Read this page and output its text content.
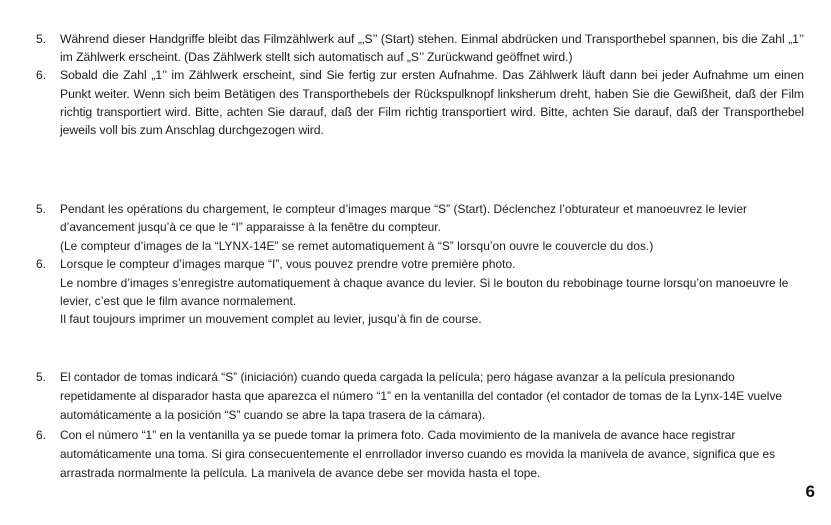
5.	Während dieser Handgriffe bleibt das Filmzählwerk auf „‚S’’ (Start) stehen. Einmal abdrücken und Transporthebel spannen, bis die Zahl „1’’ im Zählwerk erscheint. (Das Zählwerk stellt sich automatisch auf „S’’ Zurückwand geöffnet wird.)

6.	Sobald die Zahl „1’’ im Zählwerk erscheint, sind Sie fertig zur ersten Aufnahme. Das Zählwerk läuft dann bei jeder Aufnahme um einen Punkt weiter. Wenn sich beim Betätigen des Transporthebels der Rückspulknopf linksherum dreht, haben Sie die Gewißheit, daß der Film richtig transportiert wird. Bitte, achten Sie darauf, daß der Film richtig transportiert wird. Bitte, achten Sie darauf, daß der Transporthebel jeweils voll bis zum Anschlag durchgezogen wird.

5.	Pendant les opérations du chargement, le compteur d’images marque “S” (Start). Déclenchez l’obturateur et manoeuvrez le levier d’avancement jusqu’à ce que le “I” apparaisse à la fenêtre du compteur.

(Le compteur d’images de la “LYNX-14E” se remet automatiquement à “S” lorsqu’on ouvre le couvercle du dos.)

6.	Lorsque le compteur d’images marque “I”, vous pouvez prendre votre première photo.

Le nombre d’images s’enregistre automatiquement à chaque avance du levier. Si le bouton du rebobinage tourne lorsqu’on manoeuvre le levier, c’est que le film avance normalement.

Il faut toujours imprimer un mouvement complet au levier, jusqu’à fin de course.

5.	El contador de tomas indicará “S” (iniciación) cuando queda cargada la película; pero hágase avanzar a la película presionando repetidamente al disparador hasta que aparezca el número “1” en la ventanilla del contador (el contador de tomas de la Lynx-14E vuelve automáticamente a la posición “S” cuando se abre la tapa trasera de la cámara).

6.	Con el número “1” en la ventanilla ya se puede tomar la primera foto. Cada movimiento de la manivela de avance hace registrar automáticamente una toma. Si gira consecuentemente el enrrollador inverso cuando es movida la manivela de avance, significa que es arrastrada normalmente la película. La manivela de avance debe ser movida hasta el tope.

6
